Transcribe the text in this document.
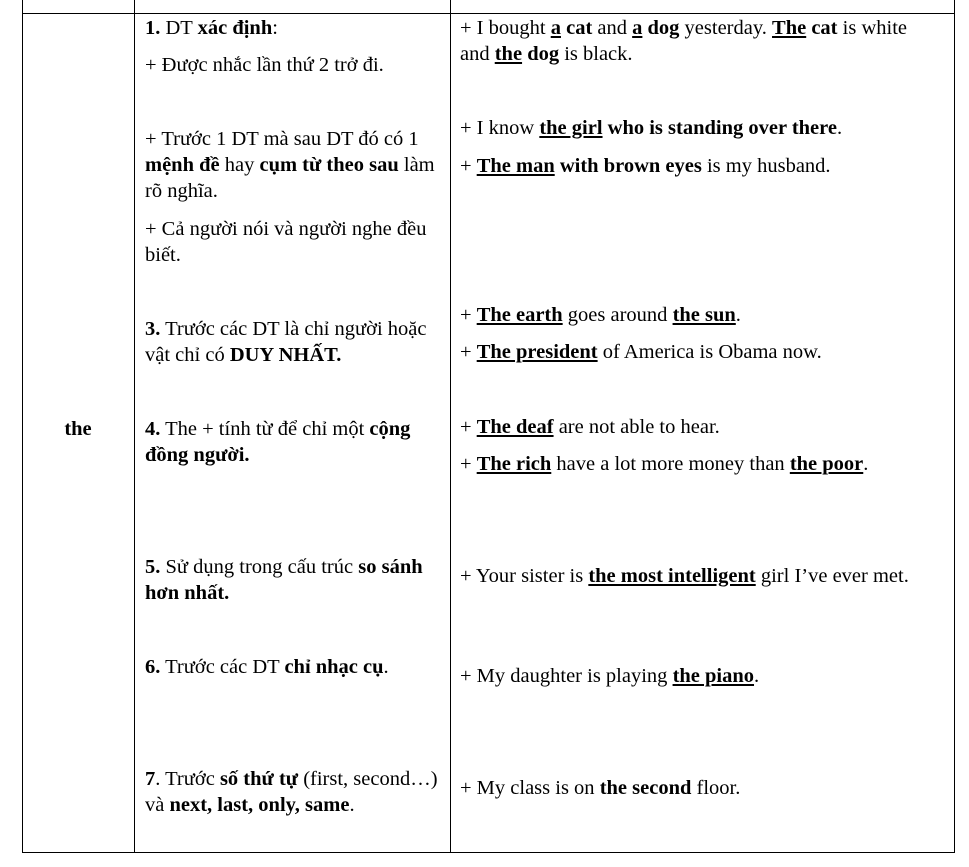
the
1. DT xác định:
+ Được nhắc lần thứ 2 trở đi.
+ Trước 1 DT mà sau DT đó có 1 mệnh đề hay cụm từ theo sau làm rõ nghĩa.
+ Cả người nói và người nghe đều biết.
3. Trước các DT là chỉ người hoặc vật chỉ có DUY NHẤT.
4. The + tính từ để chỉ một cộng đồng người.
5. Sử dụng trong cấu trúc so sánh hơn nhất.
6. Trước các DT chỉ nhạc cụ.
7. Trước số thứ tự (first, second…) và next, last, only, same.
+ I bought a cat and a dog yesterday. The cat is white and the dog is black.
+ I know the girl who is standing over there.
+ The man with brown eyes is my husband.
+ The earth goes around the sun.
+ The president of America is Obama now.
+ The deaf are not able to hear.
+ The rich have a lot more money than the poor.
+ Your sister is the most intelligent girl I’ve ever met.
+ My daughter is playing the piano.
+ My class is on the second floor.
